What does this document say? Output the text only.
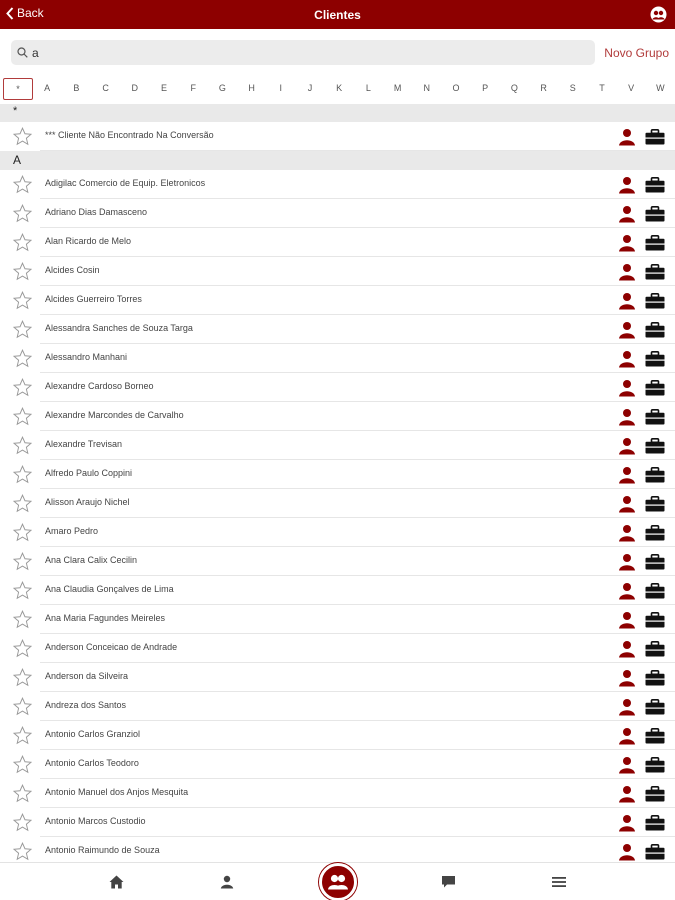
Back	Clientes
a
Novo Grupo
*	A	B	C	D	E	F	G	H	I	J	K	L	M	N	O	P	Q	R	S	T	V	W
*
*** Cliente Não Encontrado Na Conversão
A
Adigilac Comercio de Equip. Eletronicos
Adriano Dias Damasceno
Alan Ricardo de Melo
Alcides Cosin
Alcides Guerreiro Torres
Alessandra Sanches de Souza Targa
Alessandro Manhani
Alexandre Cardoso Borneo
Alexandre Marcondes de Carvalho
Alexandre Trevisan
Alfredo Paulo Coppini
Alisson Araujo Nichel
Amaro Pedro
Ana Clara Calix Cecilin
Ana Claudia Gonçalves de Lima
Ana Maria Fagundes Meireles
Anderson Conceicao de Andrade
Anderson da Silveira
Andreza dos Santos
Antonio Carlos Granziol
Antonio Carlos Teodoro
Antonio Manuel dos Anjos Mesquita
Antonio Marcos Custodio
Antonio Raimundo de Souza
